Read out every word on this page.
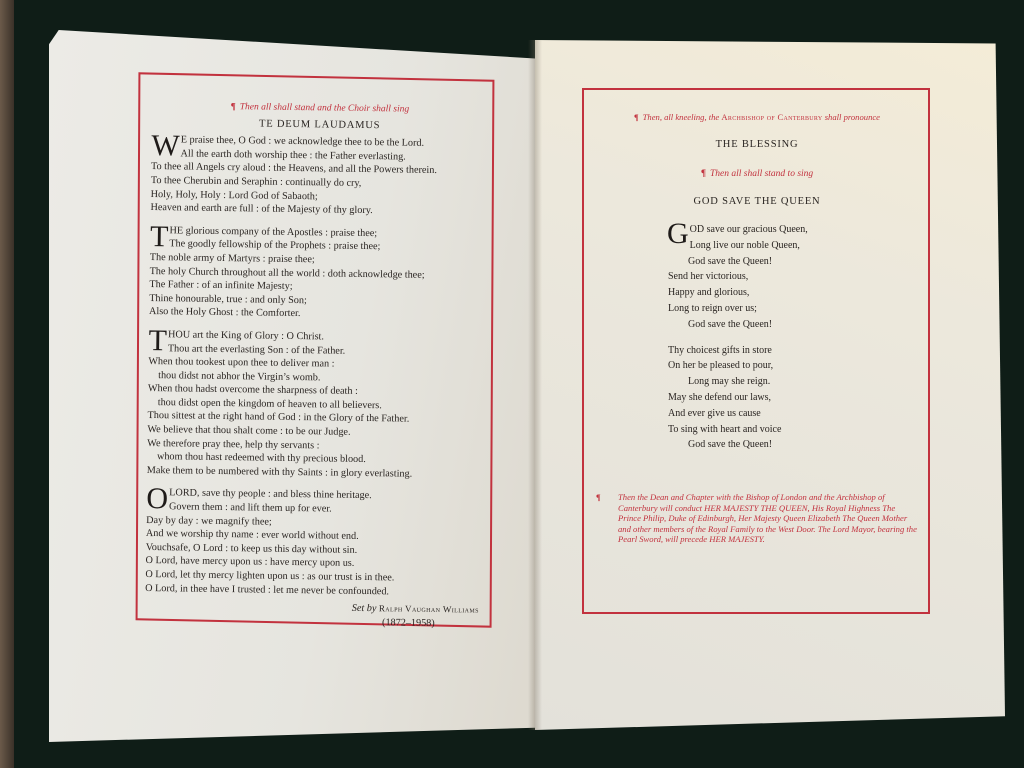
¶ Then all shall stand and the Choir shall sing
TE DEUM LAUDAMUS
W E praise thee, O God : we acknowledge thee to be the Lord.
All the earth doth worship thee : the Father everlasting.
To thee all Angels cry aloud : the Heavens, and all the Powers therein.
To thee Cherubin and Seraphin : continually do cry,
Holy, Holy, Holy : Lord God of Sabaoth;
Heaven and earth are full : of the Majesty of thy glory.
T HE glorious company of the Apostles : praise thee;
The goodly fellowship of the Prophets : praise thee;
The noble army of Martyrs : praise thee;
The holy Church throughout all the world : doth acknowledge thee;
The Father : of an infinite Majesty;
Thine honourable, true : and only Son;
Also the Holy Ghost : the Comforter.
T HOU art the King of Glory : O Christ.
Thou art the everlasting Son : of the Father.
When thou tookest upon thee to deliver man :
thou didst not abhor the Virgin’s womb.
When thou hadst overcome the sharpness of death :
thou didst open the kingdom of heaven to all believers.
Thou sittest at the right hand of God : in the Glory of the Father.
We believe that thou shalt come : to be our Judge.
We therefore pray thee, help thy servants :
whom thou hast redeemed with thy precious blood.
Make them to be numbered with thy Saints : in glory everlasting.
O LORD, save thy people : and bless thine heritage.
Govern them : and lift them up for ever.
Day by day : we magnify thee;
And we worship thy name : ever world without end.
Vouchsafe, O Lord : to keep us this day without sin.
O Lord, have mercy upon us : have mercy upon us.
O Lord, let thy mercy lighten upon us : as our trust is in thee.
O Lord, in thee have I trusted : let me never be confounded.
Set by Ralph Vaughan Williams
(1872–1958)
¶ Then, all kneeling, the Archbishop of Canterbury shall pronounce
THE BLESSING
¶ Then all shall stand to sing
GOD SAVE THE QUEEN
G OD save our gracious Queen,
Long live our noble Queen,
God save the Queen!
Send her victorious,
Happy and glorious,
Long to reign over us;
God save the Queen!
Thy choicest gifts in store
On her be pleased to pour,
Long may she reign.
May she defend our laws,
And ever give us cause
To sing with heart and voice
God save the Queen!
¶	Then the Dean and Chapter with the Bishop of London and the Archbishop of Canterbury will conduct HER MAJESTY THE QUEEN, His Royal Highness The Prince Philip, Duke of Edinburgh, Her Majesty Queen Elizabeth The Queen Mother and other members of the Royal Family to the West Door. The Lord Mayor, bearing the Pearl Sword, will precede HER MAJESTY.
